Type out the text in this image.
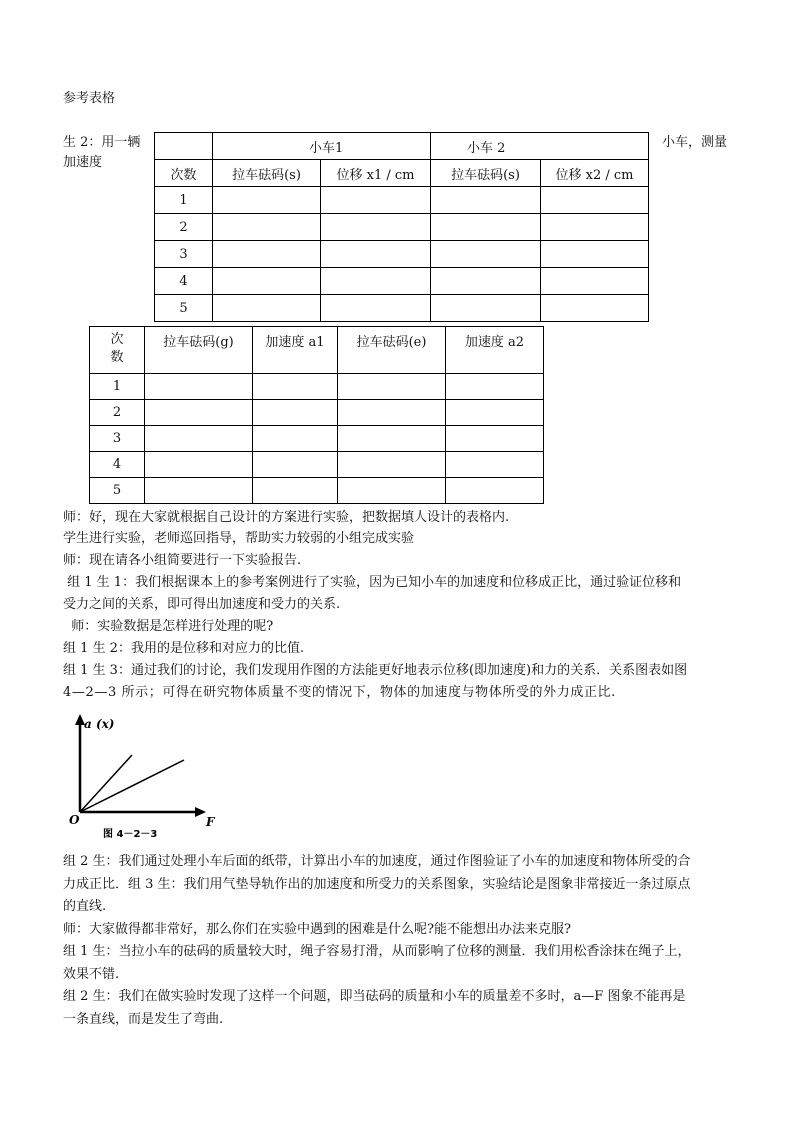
参考表格
生 2：用一辆
加速度
小车，测量
	小车1		小车 2	
次数	拉车砝码(s)	位移 x1 / cm	拉车砝码(s)	位移 x2 / cm
1				
2				
3				
4				
5				
次
数	拉车砝码(g)	加速度 a1	拉车砝码(e)	加速度 a2
1				
2				
3				
4				
5				
师：好，现在大家就根据自己设计的方案进行实验，把数据填人设计的表格内.
学生进行实验，老师巡回指导，帮助实力较弱的小组完成实验
师：现在请各小组简要进行一下实验报告.
组 1 生 1：我们根据课本上的参考案例进行了实验，因为已知小车的加速度和位移成正比，通过验证位移和
受力之间的关系，即可得出加速度和受力的关系.
师：实验数据是怎样进行处理的呢?
组 1 生 2：我用的是位移和对应力的比值.
组 1 生 3：通过我们的讨论，我们发现用作图的方法能更好地表示位移(即加速度)和力的关系．关系图表如图
4—2—3 所示；可得在研究物体质量不变的情况下，物体的加速度与物体所受的外力成正比.
a (x)
O	F
图 4－2－3
组 2 生：我们通过处理小车后面的纸带，计算出小车的加速度，通过作图验证了小车的加速度和物体所受的合
力成正比．组 3 生：我们用气垫导轨作出的加速度和所受力的关系图象，实验结论是图象非常接近一条过原点
的直线.
师：大家做得都非常好，那么你们在实验中遇到的困难是什么呢?能不能想出办法来克服?
组 1 生：当拉小车的砝码的质量较大时，绳子容易打滑，从而影响了位移的测量．我们用松香涂抹在绳子上，
效果不错.
组 2 生：我们在做实验时发现了这样一个问题，即当砝码的质量和小车的质量差不多时，a—F 图象不能再是
一条直线，而是发生了弯曲.
